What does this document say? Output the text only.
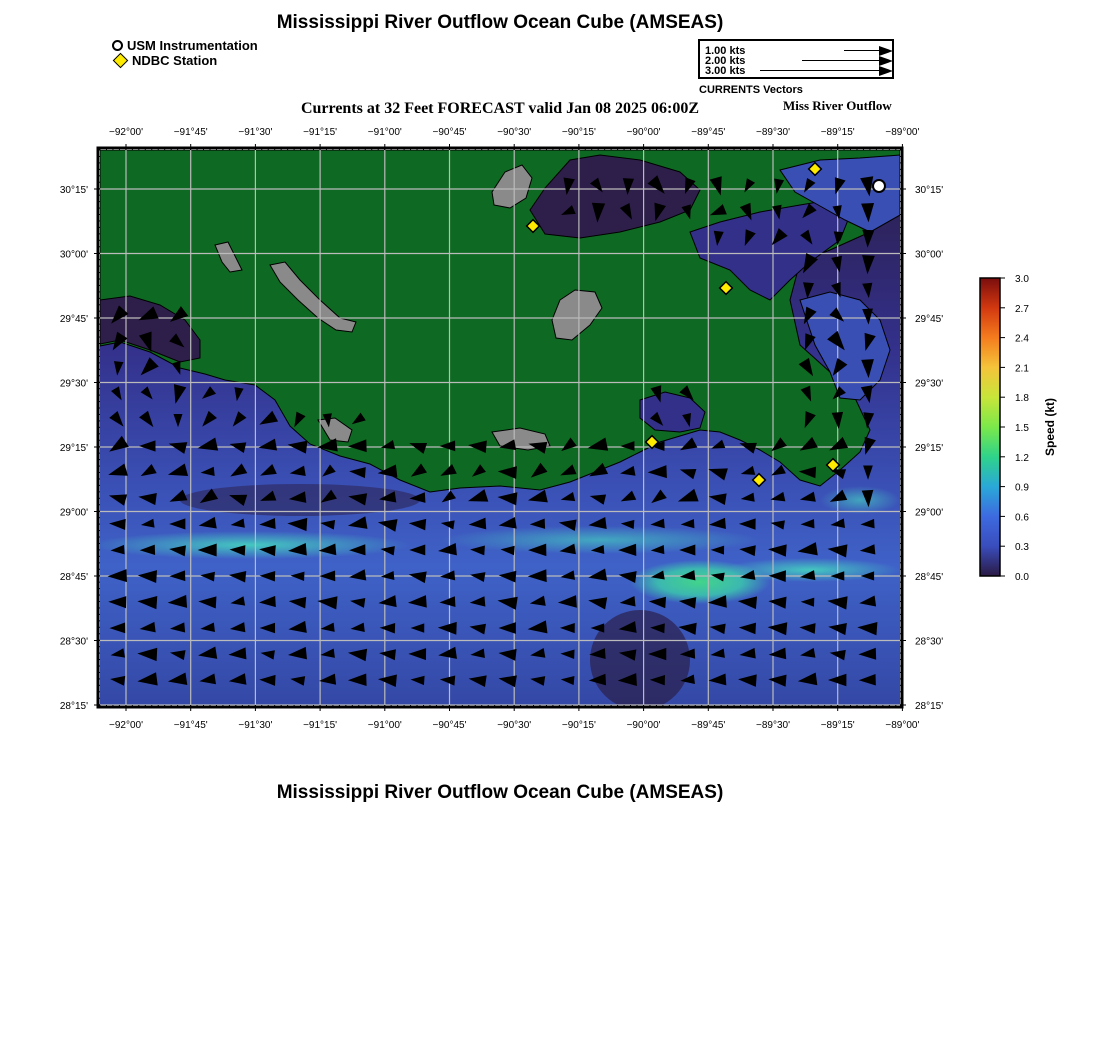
Mississippi River Outflow Ocean Cube (AMSEAS)
USM Instrumentation
NDBC Station
1.00 kts
2.00 kts
3.00 kts
CURRENTS Vectors
Currents at 32 Feet FORECAST valid Jan 08 2025 06:00Z	Miss River Outflow
−92°00'
−92°00'
−91°45'
−91°45'
−91°30'
−91°30'
−91°15'
−91°15'
−91°00'
−91°00'
−90°45'
−90°45'
−90°30'
−90°30'
−90°15'
−90°15'
−90°00'
−90°00'
−89°45'
−89°45'
−89°30'
−89°30'
−89°15'
−89°15'
−89°00'
−89°00'
30°15'	30°15'
30°00'	30°00'
29°45'	29°45'
29°30'	29°30'
29°15'	29°15'
29°00'	29°00'
28°45'	28°45'
28°30'	28°30'
28°15'	28°15'
3.0
2.7
2.4
2.1
1.8
1.5
1.2
0.9
0.6
0.3
0.0
Speed (kt)
Mississippi River Outflow Ocean Cube (AMSEAS)
